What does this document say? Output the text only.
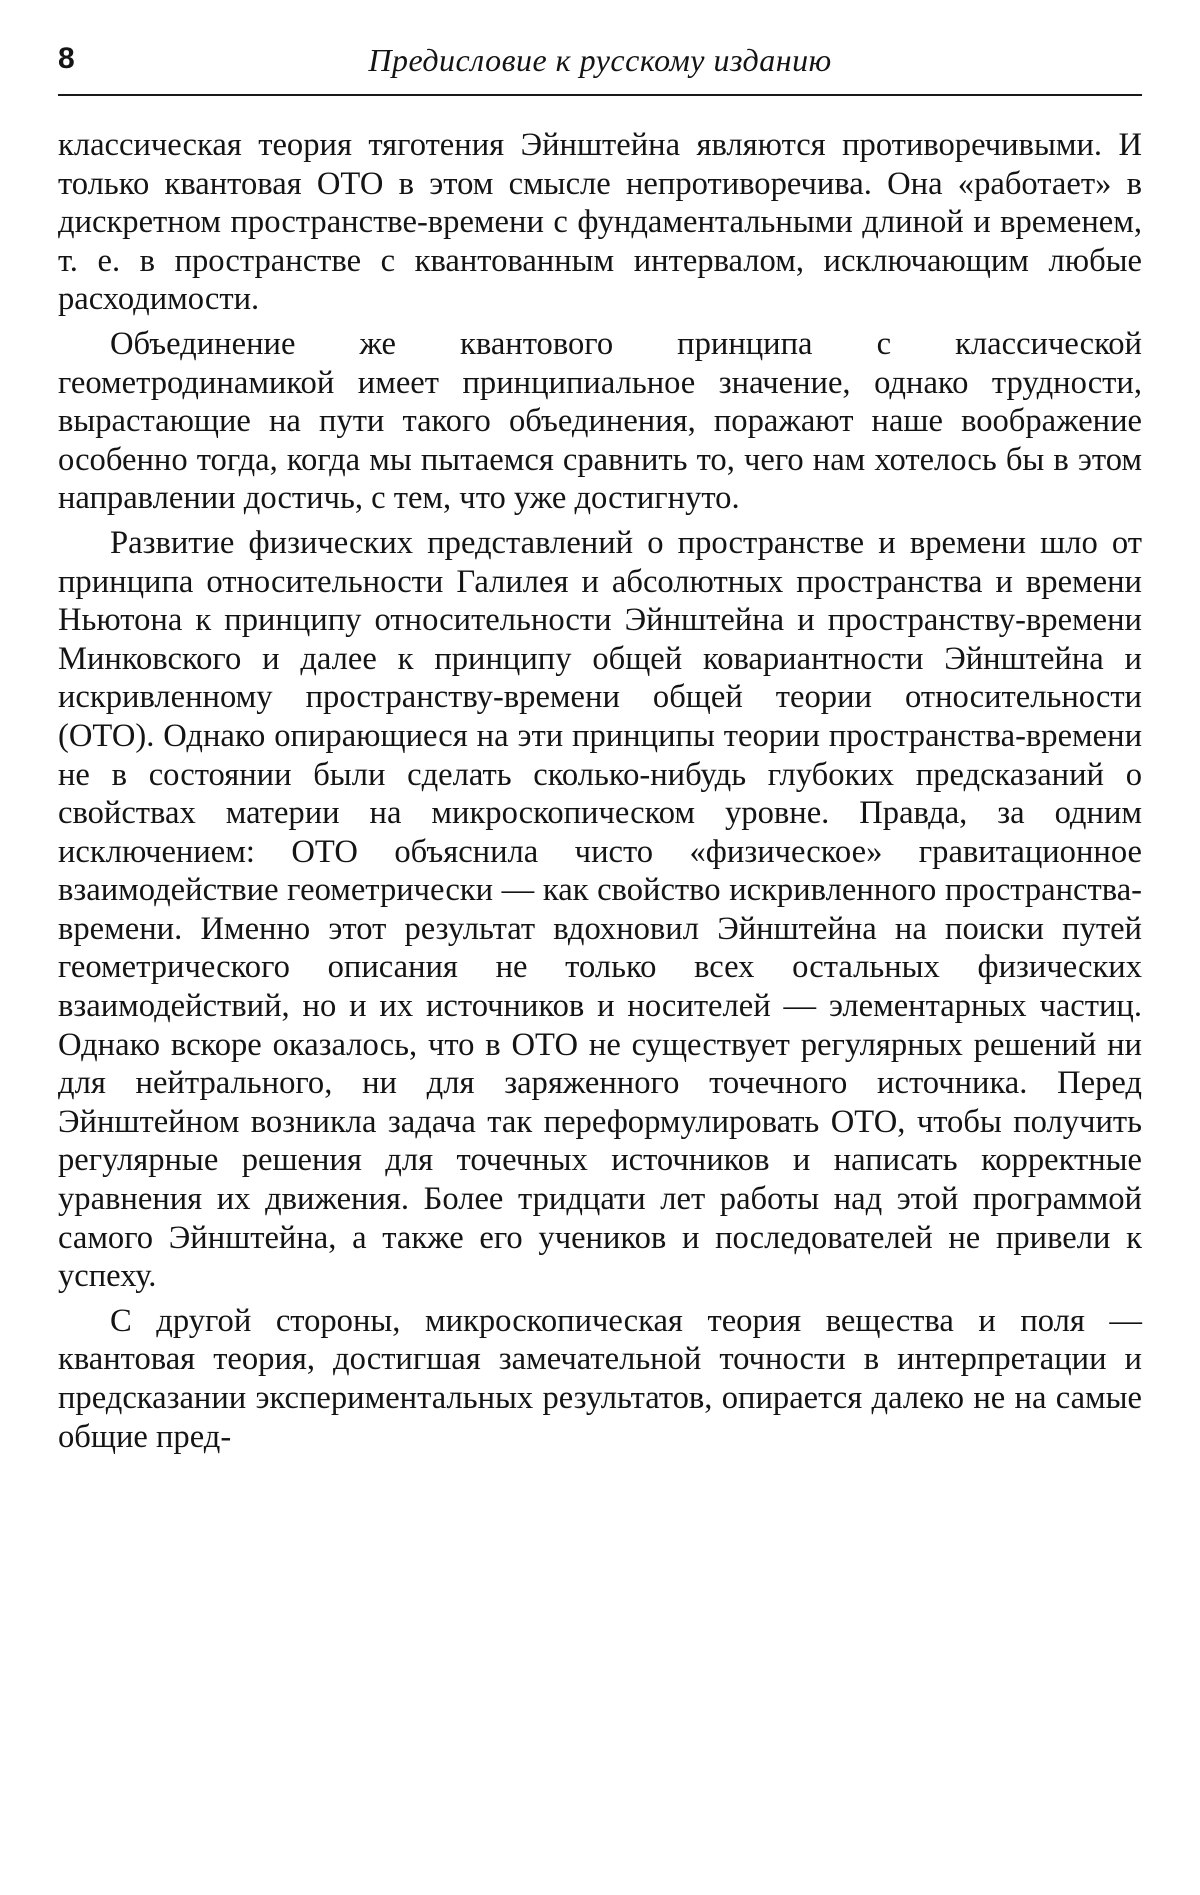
8	Предисловие к русскому изданию

классическая теория тяготения Эйнштейна являются противоречивыми. И только квантовая ОТО в этом смысле непротиворечива. Она «работает» в дискретном пространстве-времени с фундаментальными длиной и временем, т. е. в пространстве с квантованным интервалом, исключающим любые расходимости.

Объединение же квантового принципа с классической геометродинамикой имеет принципиальное значение, однако трудности, вырастающие на пути такого объединения, поражают наше воображение особенно тогда, когда мы пытаемся сравнить то, чего нам хотелось бы в этом направлении достичь, с тем, что уже достигнуто.

Развитие физических представлений о пространстве и времени шло от принципа относительности Галилея и абсолютных пространства и времени Ньютона к принципу относительности Эйнштейна и пространству-времени Минковского и далее к принципу общей ковариантности Эйнштейна и искривленному пространству-времени общей теории относительности (ОТО). Однако опирающиеся на эти принципы теории пространства-времени не в состоянии были сделать сколько-нибудь глубоких предсказаний о свойствах материи на микроскопическом уровне. Правда, за одним исключением: ОТО объяснила чисто «физическое» гравитационное взаимодействие геометрически — как свойство искривленного пространства-времени. Именно этот результат вдохновил Эйнштейна на поиски путей геометрического описания не только всех остальных физических взаимодействий, но и их источников и носителей — элементарных частиц. Однако вскоре оказалось, что в ОТО не существует регулярных решений ни для нейтрального, ни для заряженного точечного источника. Перед Эйнштейном возникла задача так переформулировать ОТО, чтобы получить регулярные решения для точечных источников и написать корректные уравнения их движения. Более тридцати лет работы над этой программой самого Эйнштейна, а также его учеников и последователей не привели к успеху.

С другой стороны, микроскопическая теория вещества и поля — квантовая теория, достигшая замечательной точности в интерпретации и предсказании экспериментальных результатов, опирается далеко не на самые общие пред-
